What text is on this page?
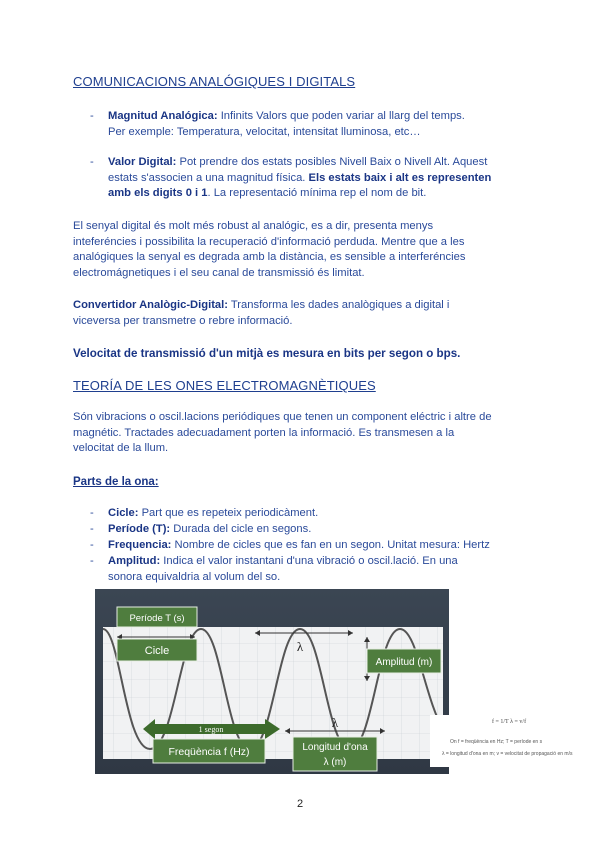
COMUNICACIONS ANALÓGIQUES I DIGITALS
- Magnitud Analógica: Infinits Valors que poden variar al llarg del temps.
Per exemple: Temperatura, velocitat, intensitat lluminosa, etc…
- Valor Digital: Pot prendre dos estats posibles Nivell Baix o Nivell Alt. Aquest
estats s'associen a una magnitud física. Els estats baix i alt es representen
amb els digits 0 i 1. La representació mínima rep el nom de bit.
El senyal digital és molt més robust al analógic, es a dir, presenta menys
inteferéncies i possibilita la recuperació d'informació perduda. Mentre que a les
analógiques la senyal es degrada amb la distància, es sensible a interferéncies
electromágnetiques i el seu canal de transmissió és limitat.
Convertidor Analògic-Digital: Transforma les dades analògiques a digital i
viceversa per transmetre o rebre informació.
Velocitat de transmissió d'un mitjà es mesura en bits per segon o bps.
TEORÍA DE LES ONES ELECTROMAGNÈTIQUES
Són vibracions o oscil.lacions periódiques que tenen un component eléctric i altre de
magnétic. Tractades adecuadament porten la informació. Es transmesen a la
velocitat de la llum.
Parts de la ona:
- Cicle: Part que es repeteix periodicàment.
- Període (T): Durada del cicle en segons.
- Frequencia: Nombre de cicles que es fan en un segon. Unitat mesura: Hertz
- Amplitud: Indica el valor instantani d'una vibració o oscil.lació. En una
sonora equivaldria al volum del so.
1 segon
λ
λ
Període T (s)
Cicle
Amplitud (m)
Freqüència f (Hz)	Longitud d'ona
λ (m)
f = 1/T λ = v/f
On f = freqüència en Hz; T = període en s
λ = longitud d'ona en m; v = velocitat de propagació en m/s
2
